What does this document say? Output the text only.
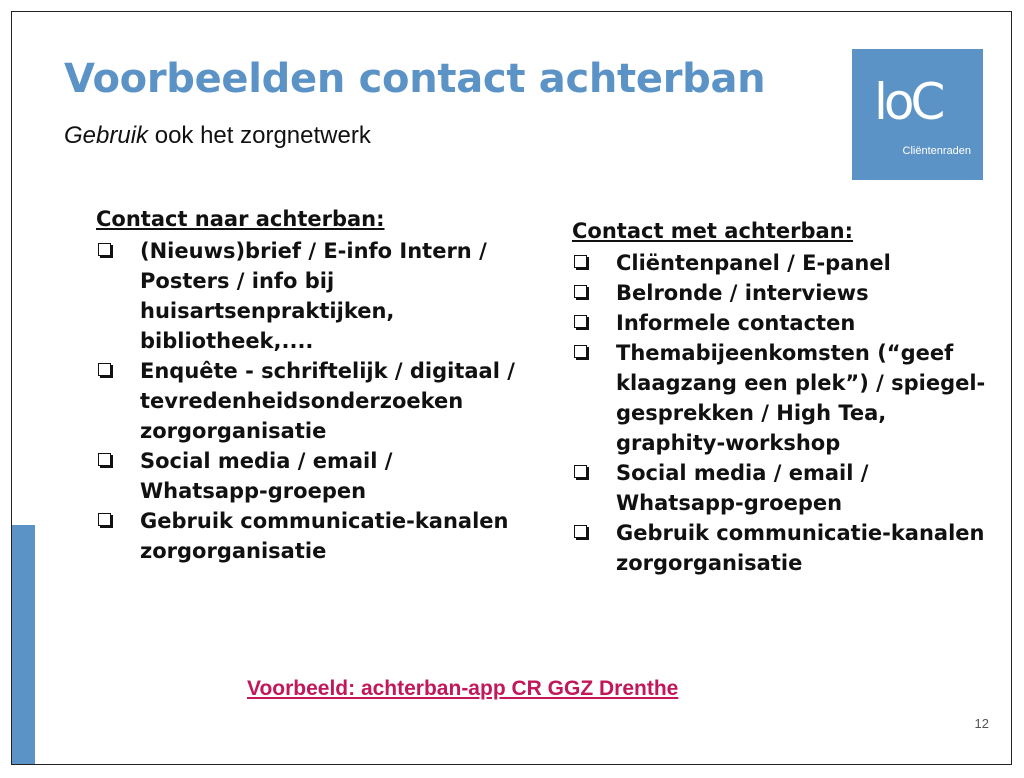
Voorbeelden contact achterban

Gebruik ook het zorgnetwerk

loC
Cliëntenraden
Contact naar achterban:
(Nieuws)brief / E-info Intern / Posters / info bij huisartsenpraktijken, bibliotheek,....
Enquête - schriftelijk / digitaal / tevredenheidsonderzoeken zorgorganisatie
Social media / email / Whatsapp-groepen
Gebruik communicatie-kanalen zorgorganisatie
Contact met achterban:
Cliëntenpanel / E-panel
Belronde / interviews
Informele contacten
Themabijeenkomsten (“geef klaagzang een plek”) / spiegel-gesprekken / High Tea, graphity-workshop
Social media / email / Whatsapp-groepen
Gebruik communicatie-kanalen zorgorganisatie
Voorbeeld: achterban-app CR GGZ Drenthe
12
